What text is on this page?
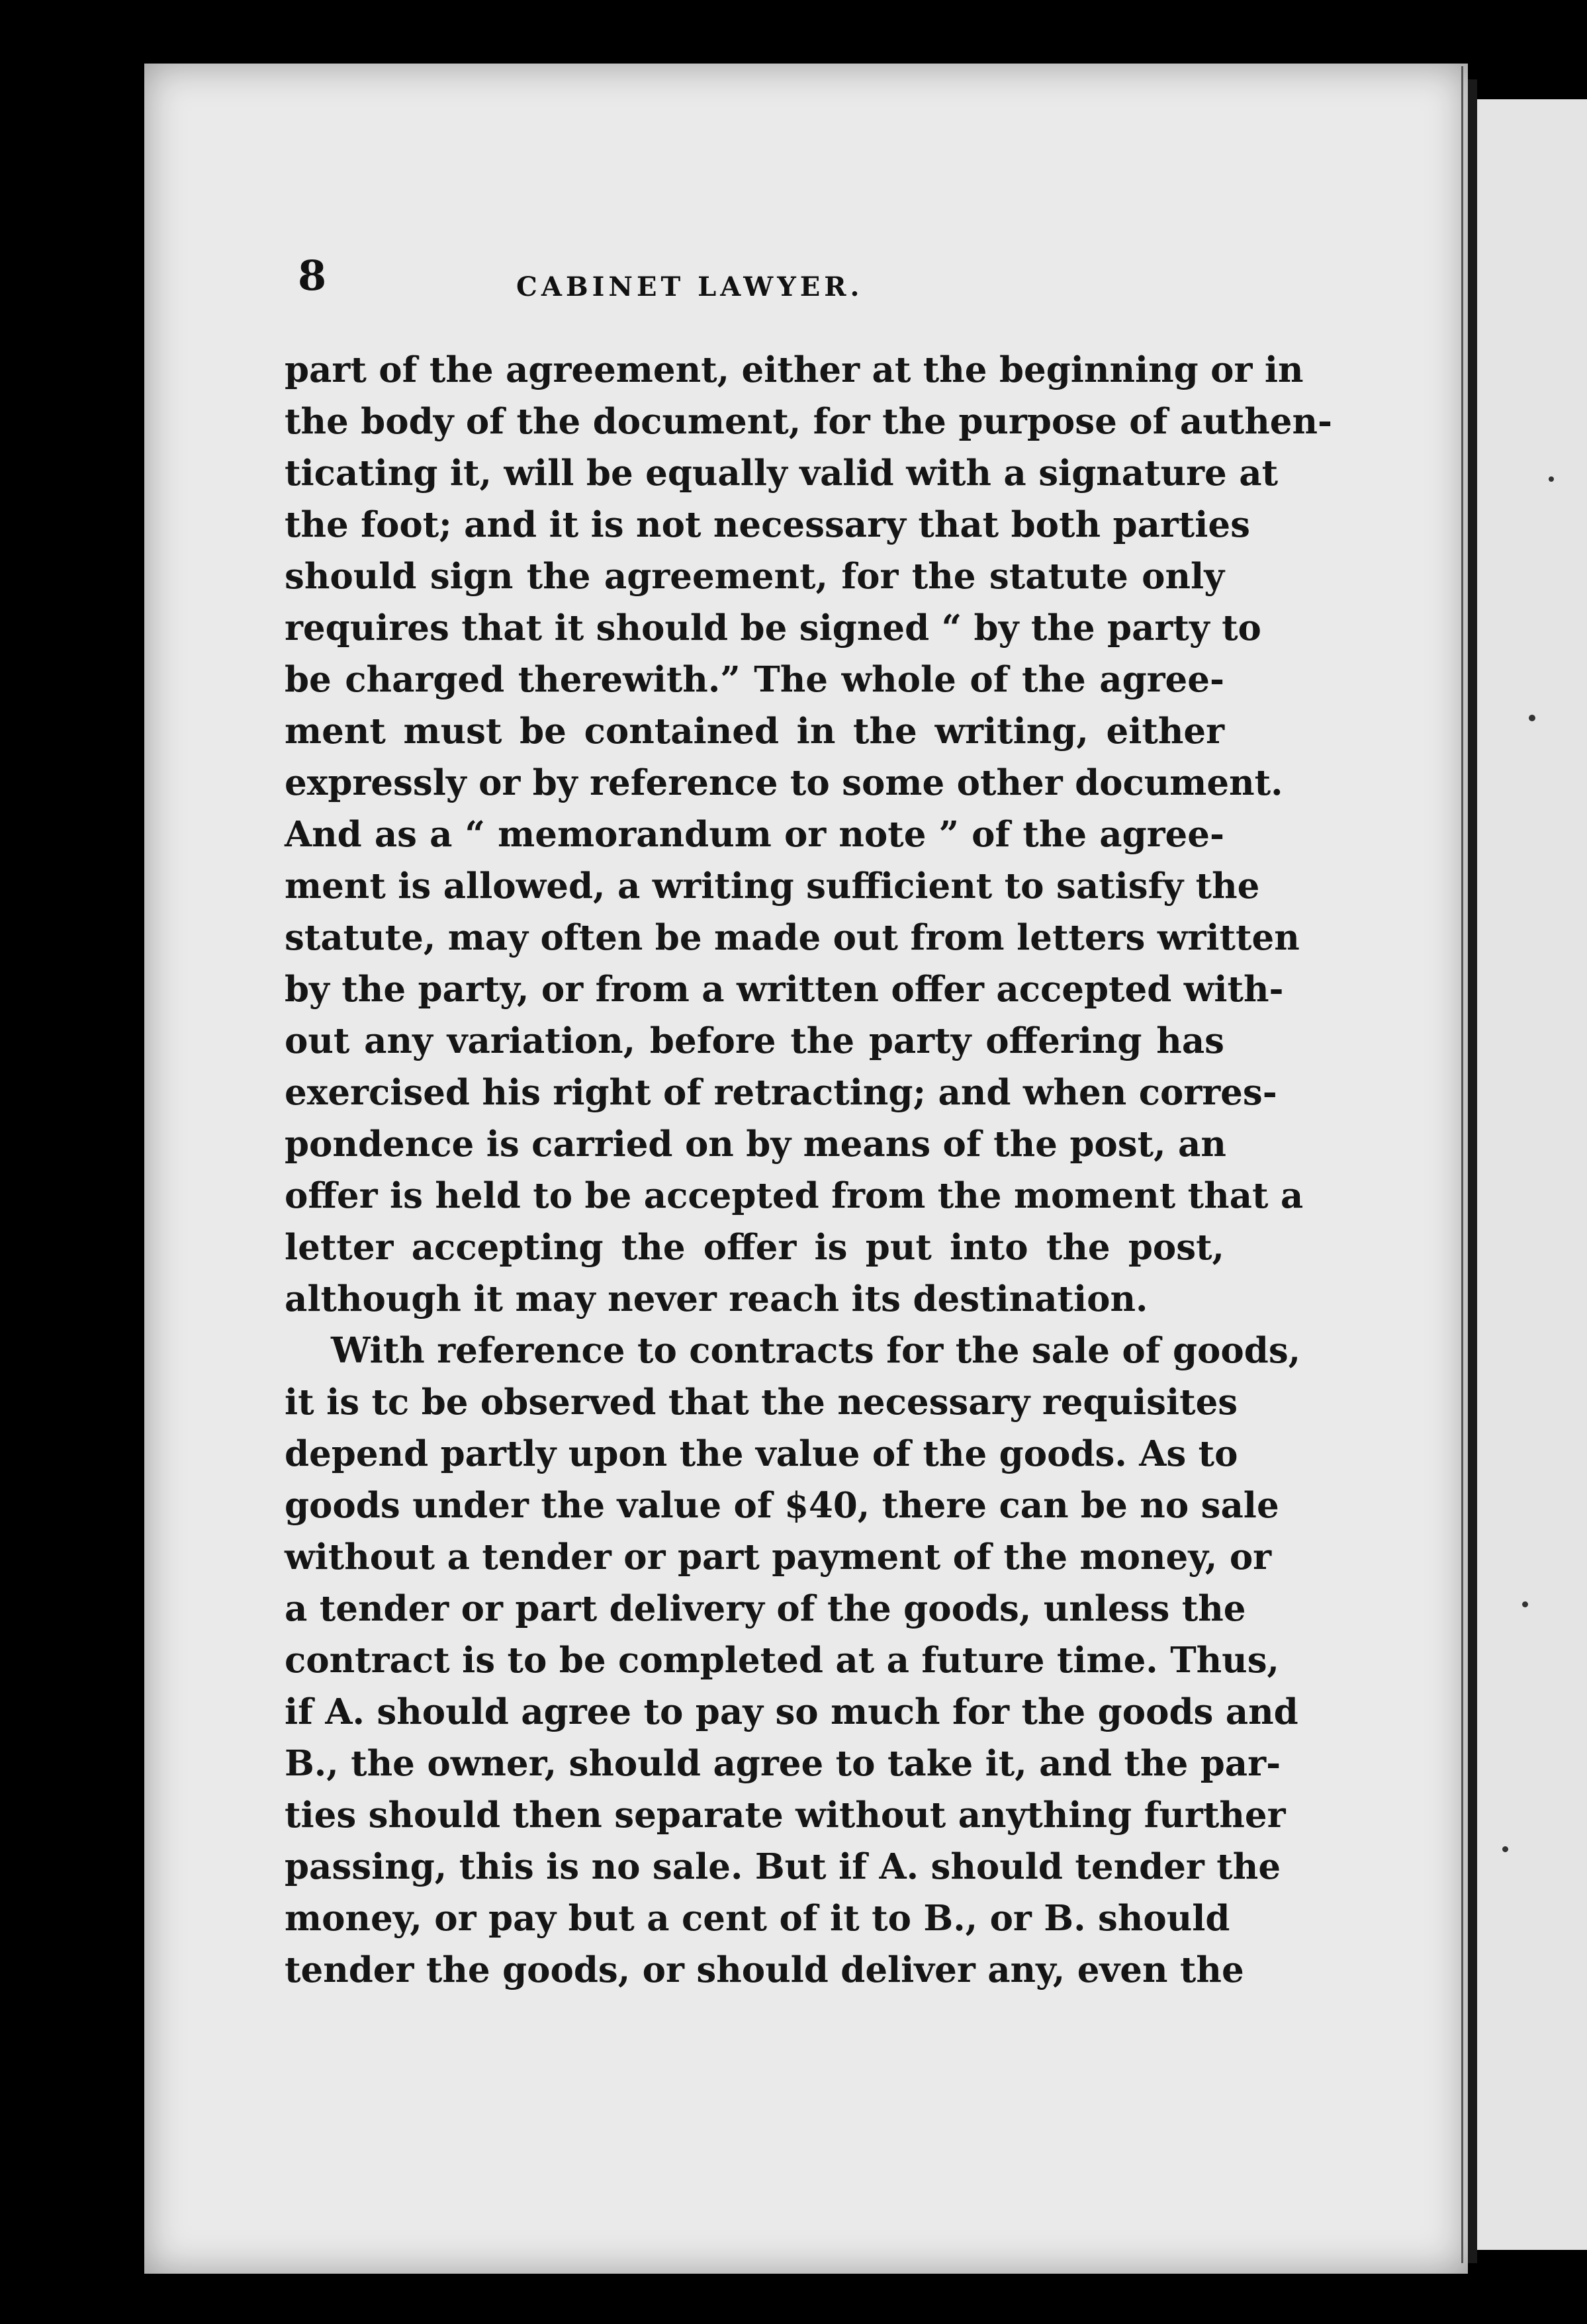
8	CABINET LAWYER.
part of the agreement, either at the beginning or in
the body of the document, for the purpose of authen-
ticating it, will be equally valid with a signature at
the foot; and it is not necessary that both parties
should sign the agreement, for the statute only
requires that it should be signed “ by the party to
be charged therewith.” The whole of the agree-
ment must be contained in the writing, either
expressly or by reference to some other document.
And as a “ memorandum or note ” of the agree-
ment is allowed, a writing sufficient to satisfy the
statute, may often be made out from letters written
by the party, or from a written offer accepted with-
out any variation, before the party offering has
exercised his right of retracting; and when corres-
pondence is carried on by means of the post, an
offer is held to be accepted from the moment that a
letter accepting the offer is put into the post,
although it may never reach its destination.
With reference to contracts for the sale of goods,
it is tc be observed that the necessary requisites
depend partly upon the value of the goods. As to
goods under the value of $40, there can be no sale
without a tender or part payment of the money, or
a tender or part delivery of the goods, unless the
contract is to be completed at a future time. Thus,
if A. should agree to pay so much for the goods and
B., the owner, should agree to take it, and the par-
ties should then separate without anything further
passing, this is no sale. But if A. should tender the
money, or pay but a cent of it to B., or B. should
tender the goods, or should deliver any, even the
